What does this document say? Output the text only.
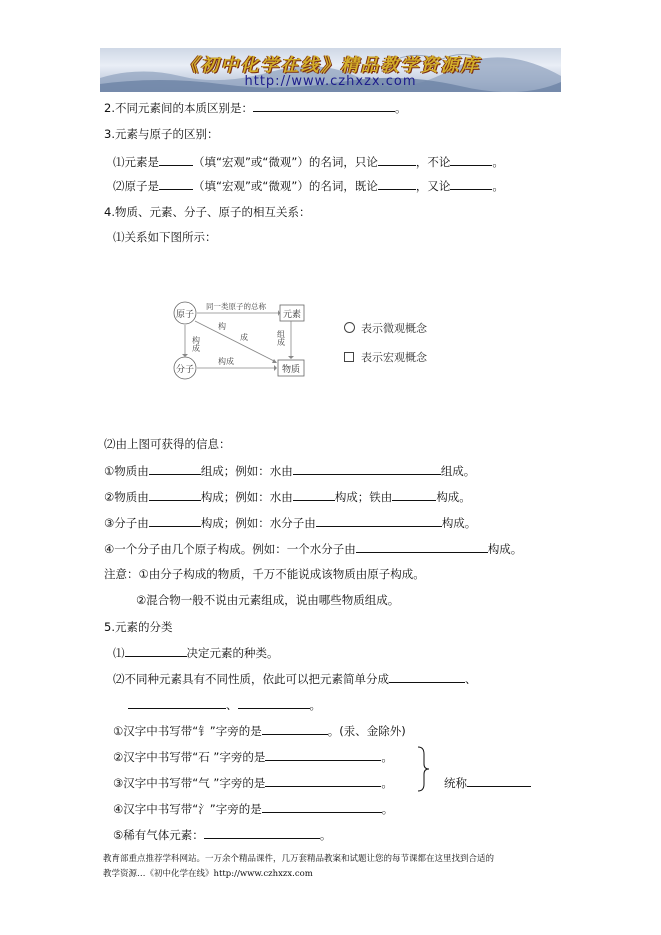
《初中化学在线》精品教学资源库
http://www.czhxzx.com
2.不同元素间的本质区别是：	。
3.元素与原子的区别：
⑴元素是	（填“宏观”或“微观”）的名词，只论	，不论	。
⑵原子是	（填“宏观”或“微观”）的名词，既论	，又论	。
4.物质、元素、分子、原子的相互关系：
⑴关系如下图所示：
原子	元素
分子	物质
同一类原子的总称
构成
构
成	组成
构成
表示微观概念
表示宏观概念
⑵由上图可获得的信息：
①物质由	组成；例如：水由	组成。
②物质由	构成；例如：水由	构成；铁由	构成。
③分子由	构成；例如：水分子由	构成。
④一个分子由几个原子构成。例如：一个水分子由	构成。
注意：①由分子构成的物质，千万不能说成该物质由原子构成。
②混合物一般不说由元素组成，说由哪些物质组成。
5.元素的分类
⑴	决定元素的种类。
⑵不同种元素具有不同性质，依此可以把元素简单分成	、
、	。
①汉字中书写带“钅”字旁的是	。(汞、金除外)
②汉字中书写带“石 ”字旁的是	。
③汉字中书写带“气 ”字旁的是	。	统称
④汉字中书写带“氵”字旁的是	。
⑤稀有气体元素：	。
教育部重点推荐学科网站。一万余个精品课件，几万套精品教案和试题让您的每节课都在这里找到合适的
教学资源…《初中化学在线》http://www.czhxzx.com
